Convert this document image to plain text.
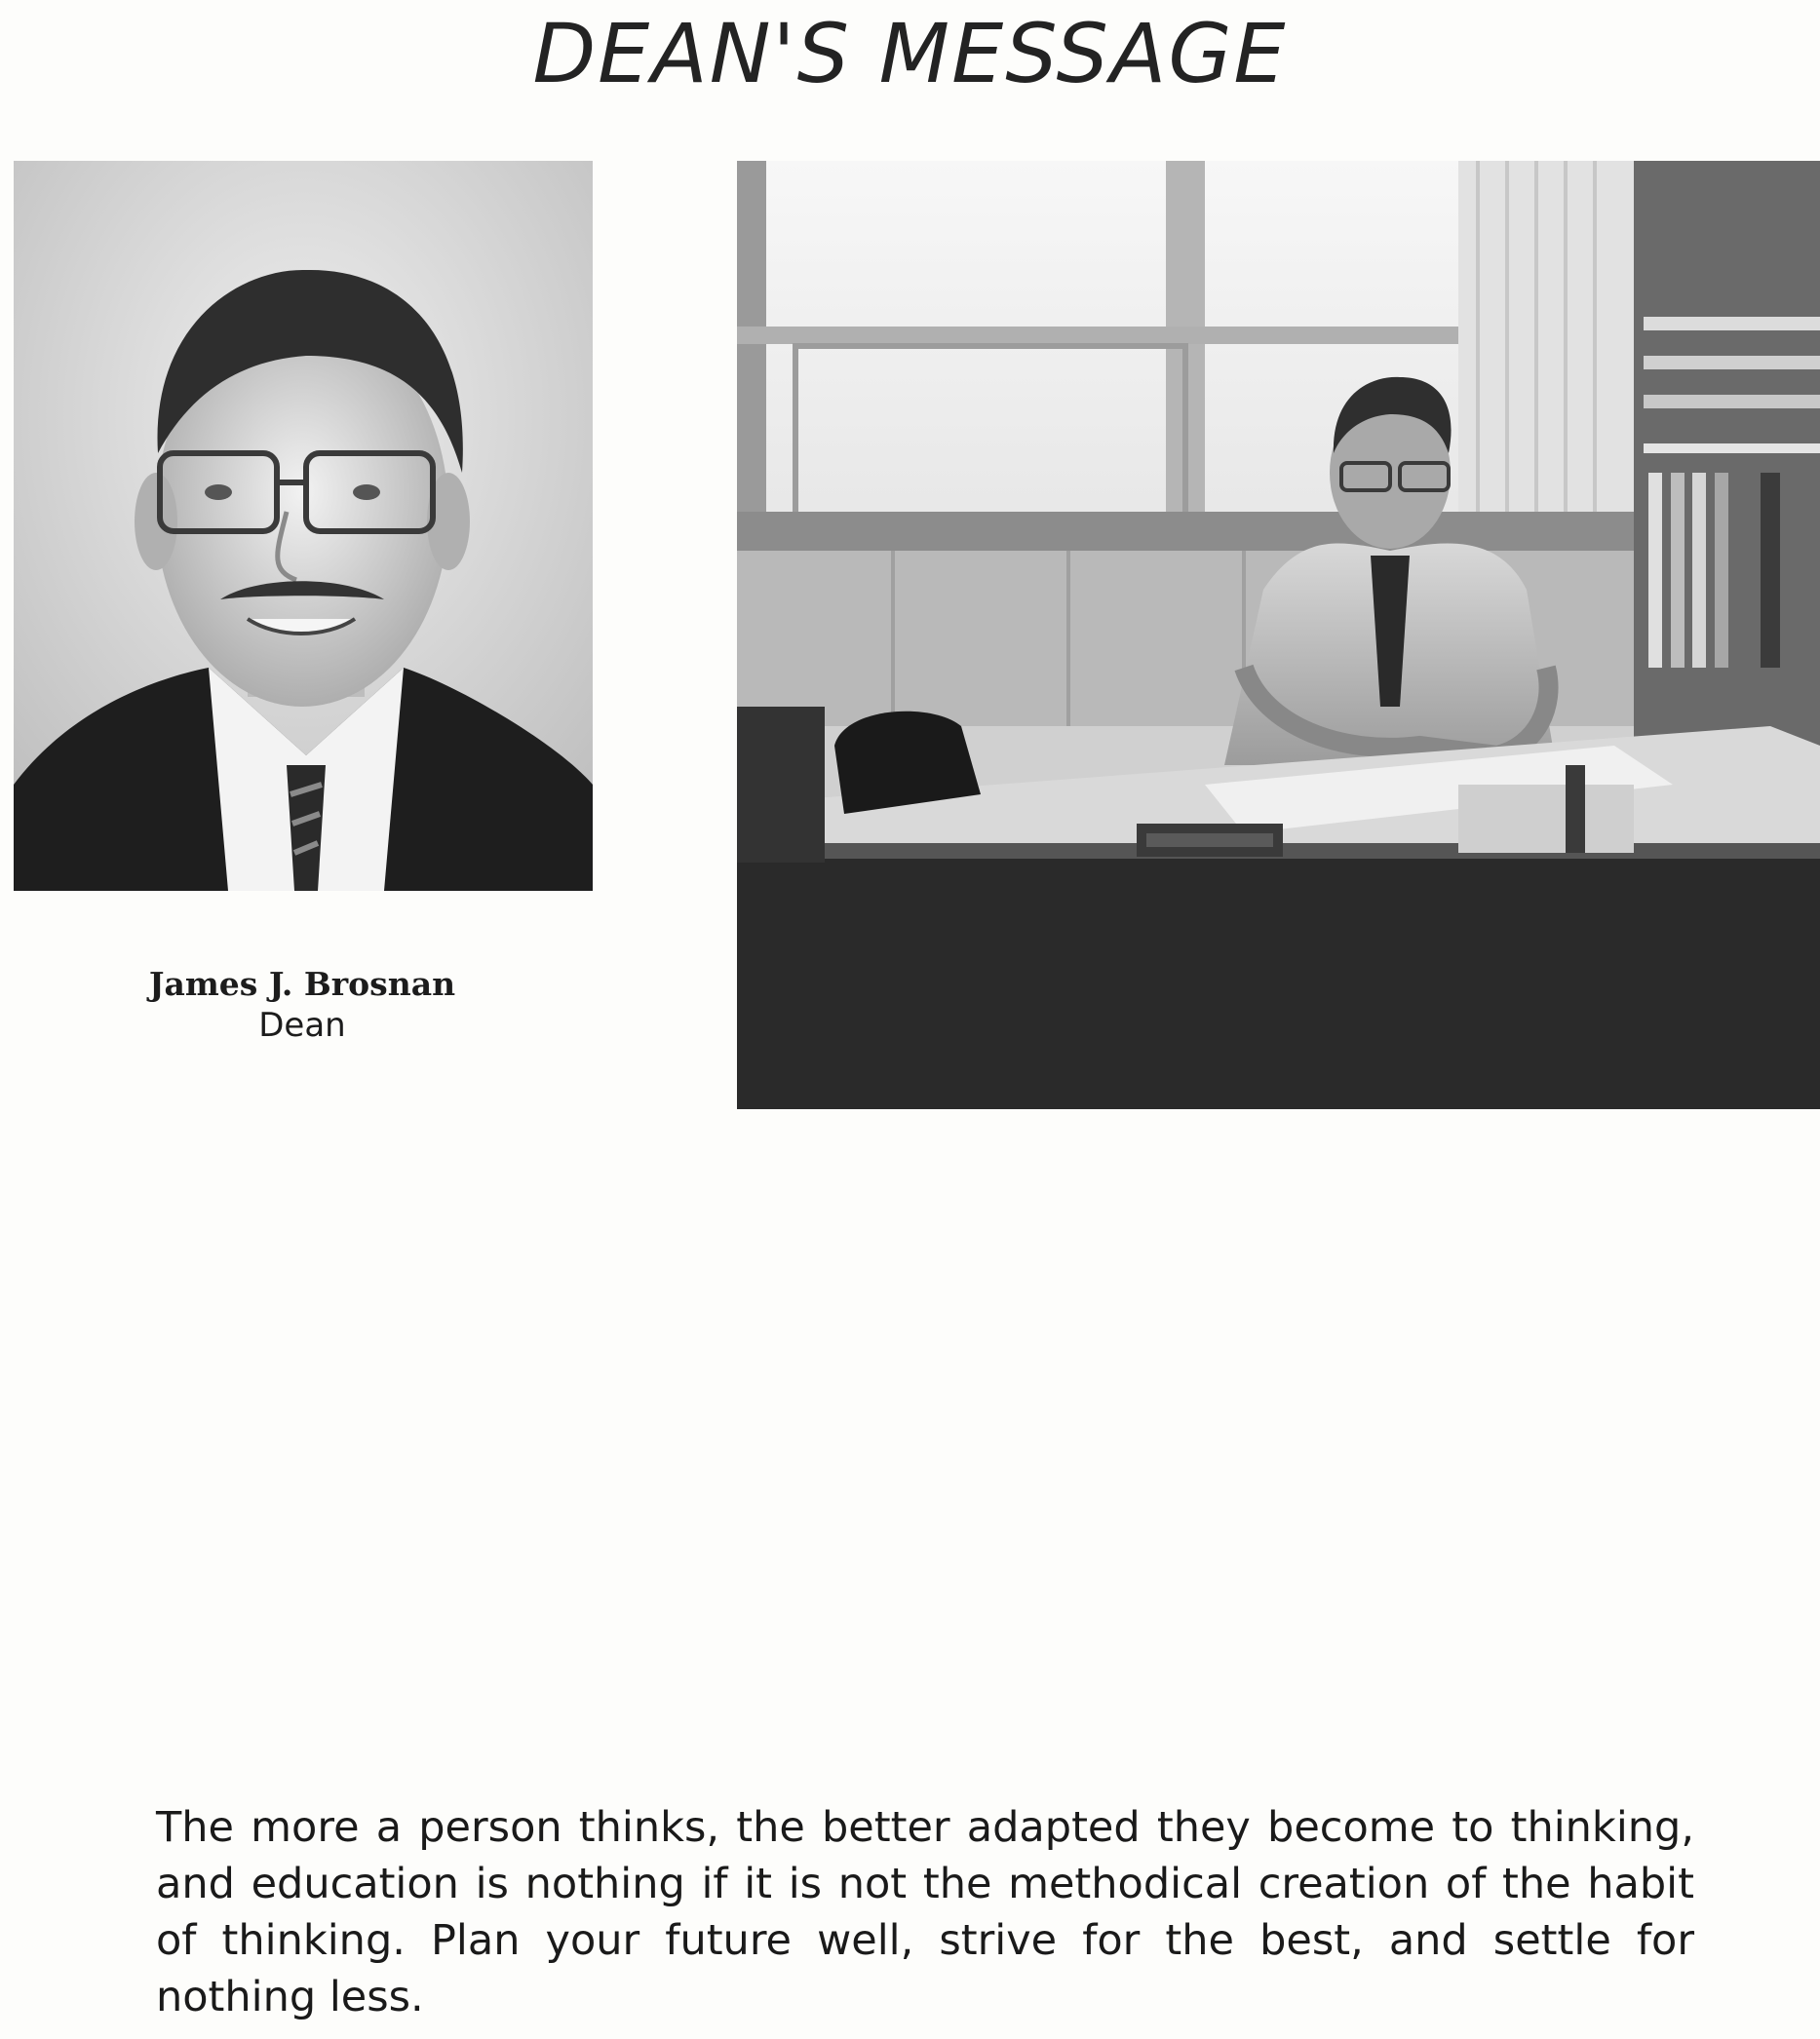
DEAN'S MESSAGE
James J. Brosnan
Dean

The more a person thinks, the better adapted they become to thinking, and education is nothing if it is not the methodical creation of the habit of thinking. Plan your future well, strive for the best, and settle for nothing less.
